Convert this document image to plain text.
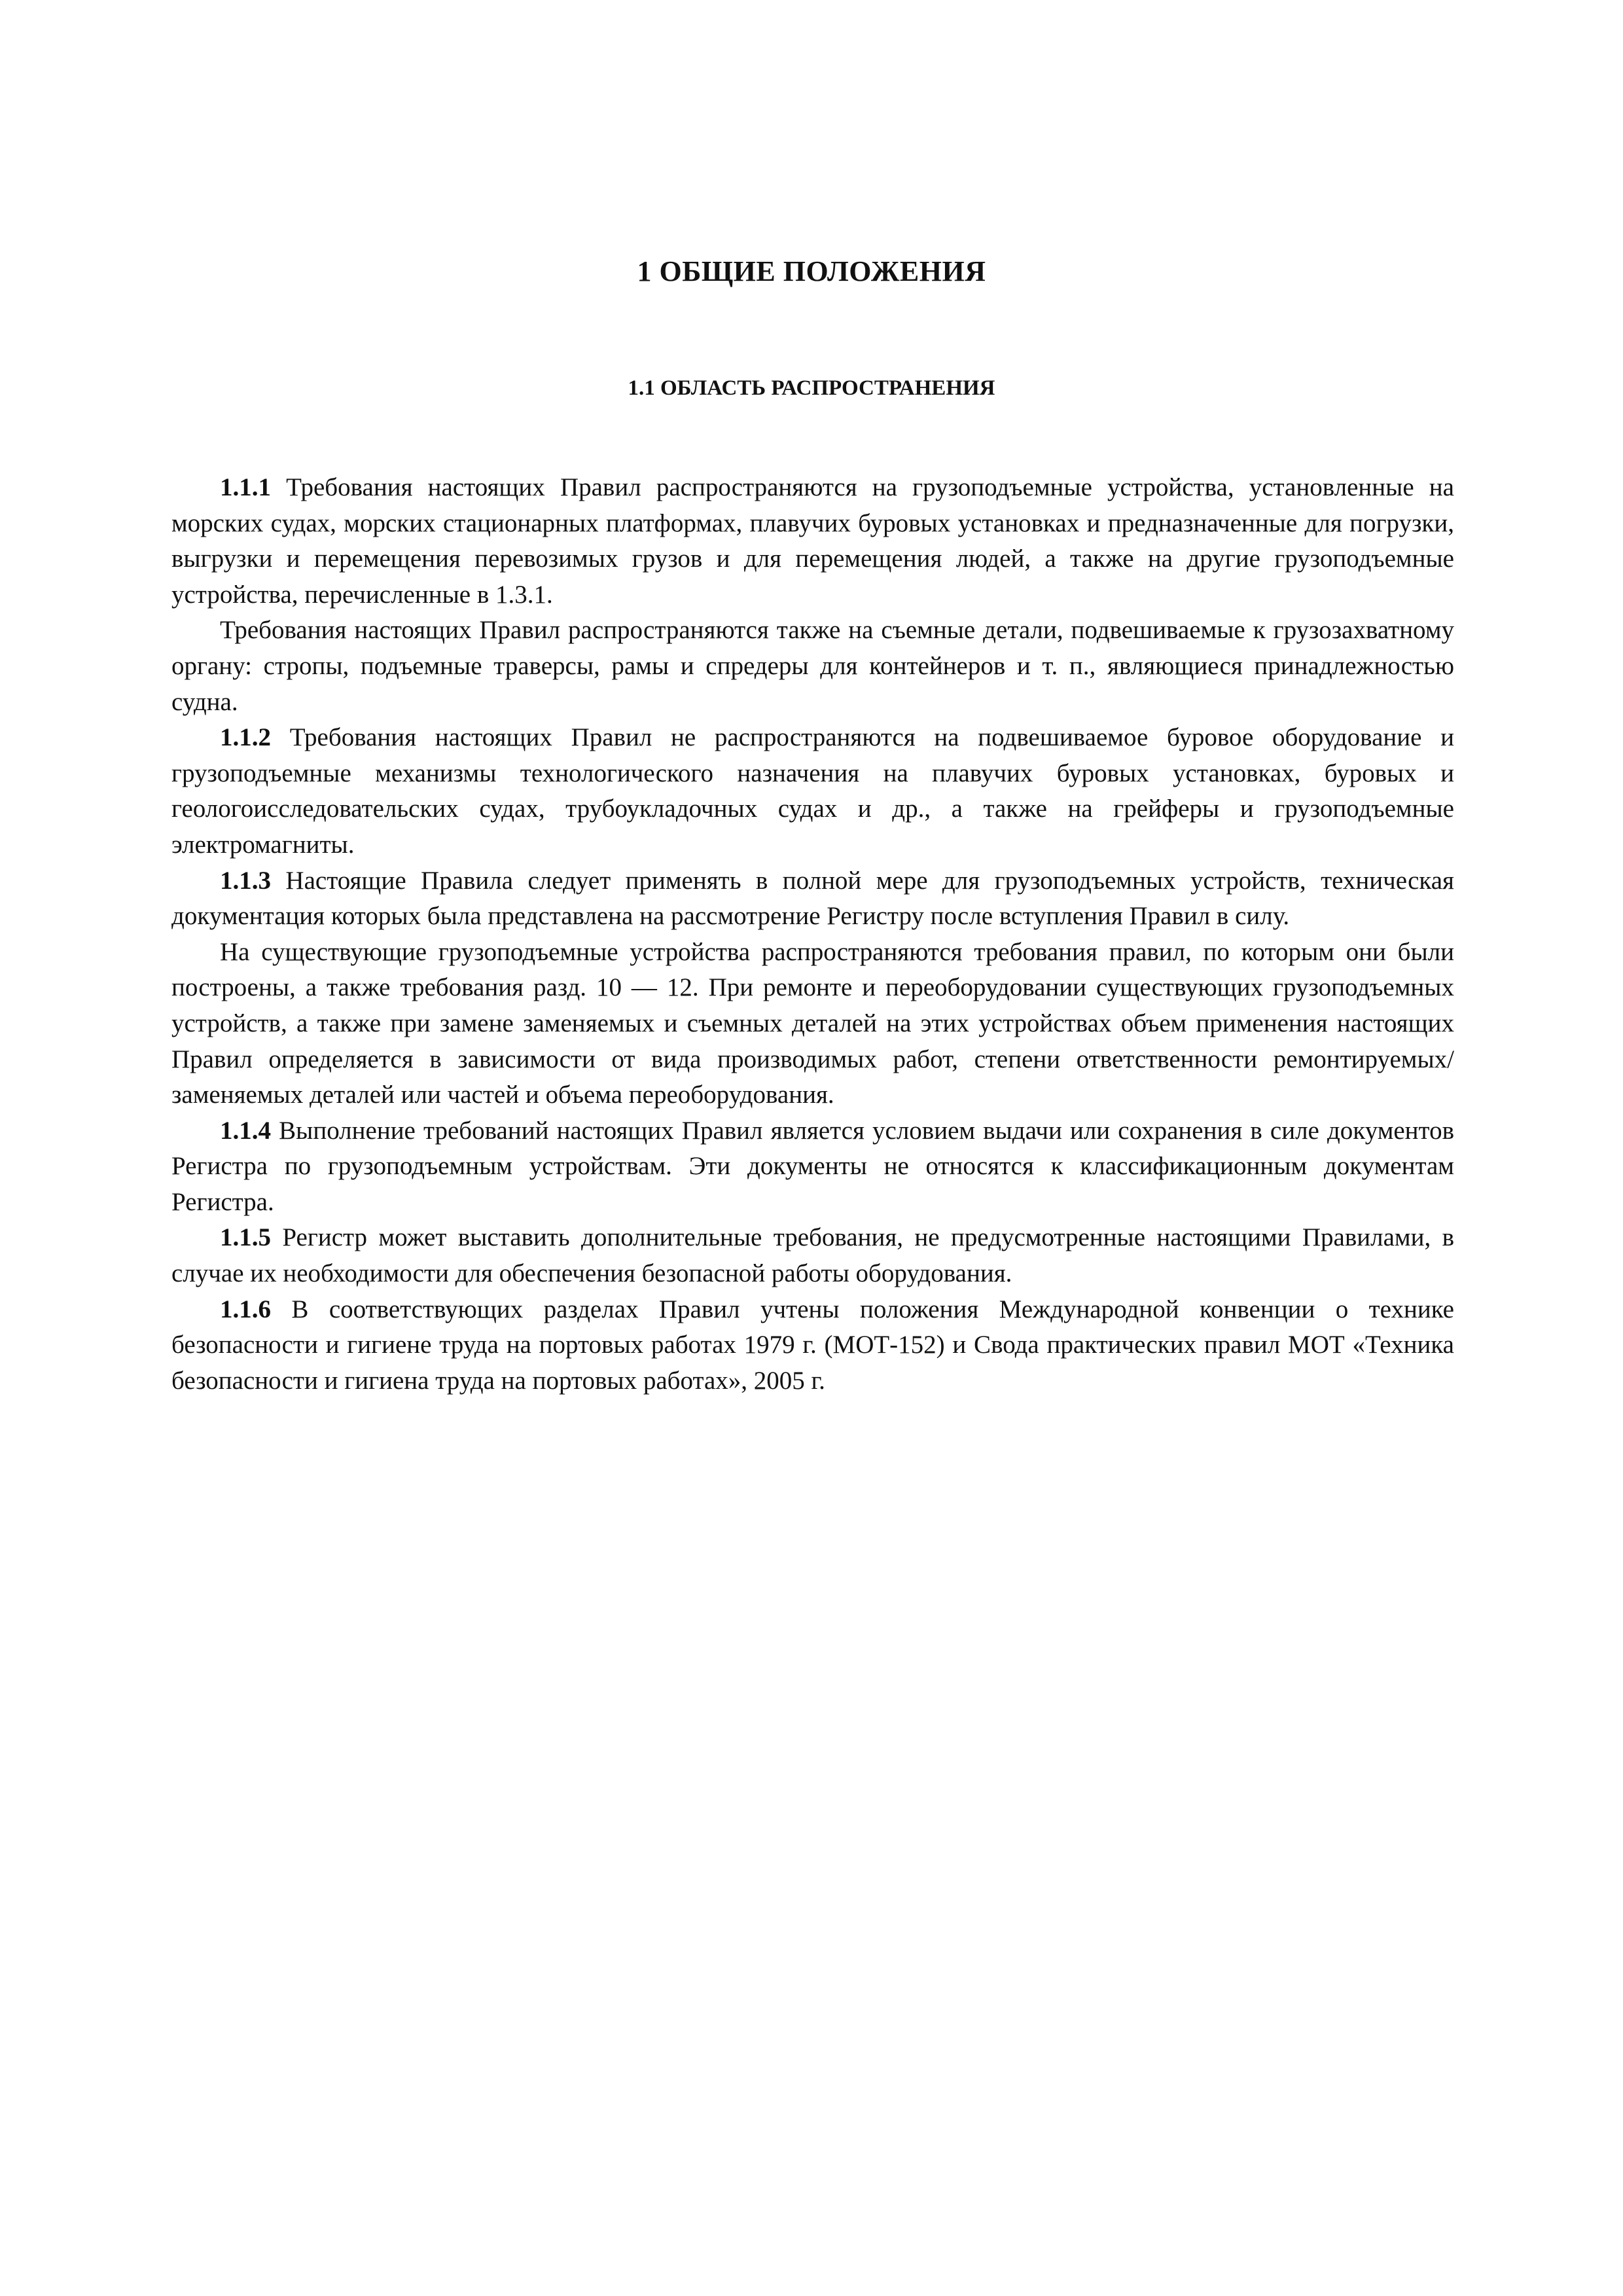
1 ОБЩИЕ ПОЛОЖЕНИЯ
1.1 ОБЛАСТЬ РАСПРОСТРАНЕНИЯ

1.1.1 Требования настоящих Правил распространяются на грузоподъемные устройства, установленные на морских судах, морских стационарных платформах, плавучих буровых установках и предназначенные для погрузки, выгрузки и перемещения перевозимых грузов и для перемещения людей, а также на другие грузоподъемные устройства, перечисленные в 1.3.1.

Требования настоящих Правил распространяются также на съемные детали, подвешиваемые к грузозахватному органу: стропы, подъемные траверсы, рамы и спредеры для контейнеров и т. п., являющиеся принадлежностью судна.

1.1.2 Требования настоящих Правил не распространяются на подвешиваемое буровое оборудование и грузоподъемные механизмы технологического назначения на плавучих буровых установках, буровых и геологоисследовательских судах, трубоукладочных судах и др., а также на грейферы и грузоподъемные электромагниты.

1.1.3 Настоящие Правила следует применять в полной мере для грузоподъемных устройств, техническая документация которых была представлена на рассмотрение Регистру после вступления Правил в силу.

На существующие грузоподъемные устройства распространяются требования правил, по которым они были построены, а также требования разд. 10 — 12. При ремонте и переоборудовании существующих грузоподъемных устройств, а также при замене заменяемых и съемных деталей на этих устройствах объем применения настоящих Правил определяется в зависимости от вида производимых работ, степени ответственности ремонтируемых/заменяемых деталей или частей и объема переоборудования.

1.1.4 Выполнение требований настоящих Правил является условием выдачи или сохранения в силе документов Регистра по грузоподъемным устройствам. Эти документы не относятся к классификационным документам Регистра.

1.1.5 Регистр может выставить дополнительные требования, не предусмотренные настоящими Правилами, в случае их необходимости для обеспечения безопасной работы оборудования.

1.1.6 В соответствующих разделах Правил учтены положения Международной конвенции о технике безопасности и гигиене труда на портовых работах 1979 г. (МОТ-152) и Свода практических правил МОТ «Техника безопасности и гигиена труда на портовых работах», 2005 г.
